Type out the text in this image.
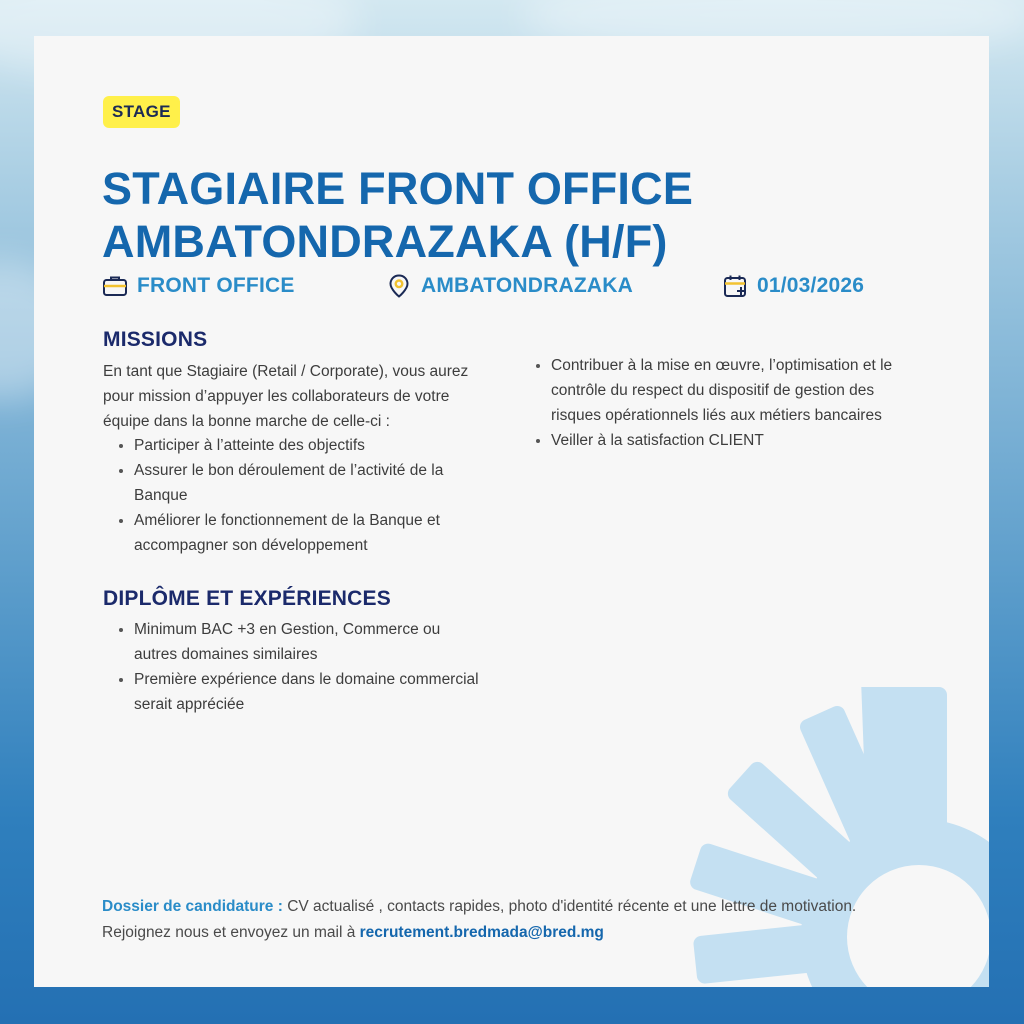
STAGE
STAGIAIRE FRONT OFFICE AMBATONDRAZAKA (H/F)
FRONT OFFICE	AMBATONDRAZAKA	01/03/2026
MISSIONS

En tant que Stagiaire (Retail / Corporate), vous aurez pour mission d’appuyer les collaborateurs de votre équipe dans la bonne marche de celle-ci :

Participer à l’atteinte des objectifs
Assurer le bon déroulement de l’activité de la Banque
Améliorer le fonctionnement de la Banque et accompagner son développement
Contribuer à la mise en œuvre, l’optimisation et le contrôle du respect du dispositif de gestion des risques opérationnels liés aux métiers bancaires
Veiller à la satisfaction CLIENT
DIPLÔME ET EXPÉRIENCES
Minimum BAC +3 en Gestion, Commerce ou autres domaines similaires
Première expérience dans le domaine commercial serait appréciée

Dossier de candidature : CV actualisé , contacts rapides, photo d'identité récente et une lettre de motivation. Rejoignez nous et envoyez un mail à recrutement.bredmada@bred.mg
